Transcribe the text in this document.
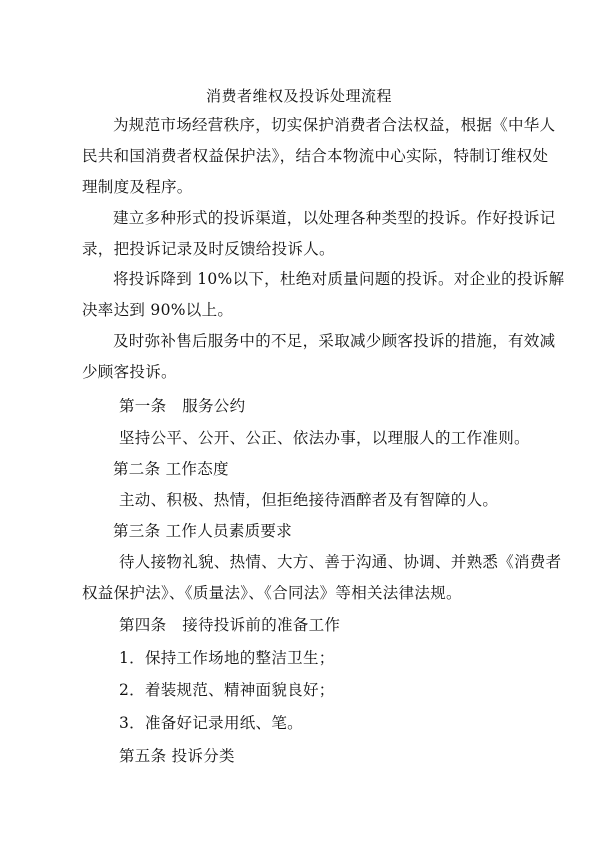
消费者维权及投诉处理流程
为规范市场经营秩序，切实保护消费者合法权益，根据《中华人
民共和国消费者权益保护法》，结合本物流中心实际，特制订维权处
理制度及程序。
建立多种形式的投诉渠道，以处理各种类型的投诉。作好投诉记
录，把投诉记录及时反馈给投诉人。
将投诉降到 10%以下，杜绝对质量问题的投诉。对企业的投诉解
决率达到 90%以上。
及时弥补售后服务中的不足，采取减少顾客投诉的措施，有效减
少顾客投诉。
第一条　服务公约
坚持公平、公开、公正、依法办事，以理服人的工作准则。
第二条 工作态度
主动、积极、热情，但拒绝接待酒醉者及有智障的人。
第三条 工作人员素质要求
待人接物礼貌、热情、大方、善于沟通、协调、并熟悉《消费者
权益保护法》、《质量法》、《合同法》等相关法律法规。
第四条　接待投诉前的准备工作
1．保持工作场地的整洁卫生；
2．着装规范、精神面貌良好；
3．准备好记录用纸、笔。
第五条 投诉分类
